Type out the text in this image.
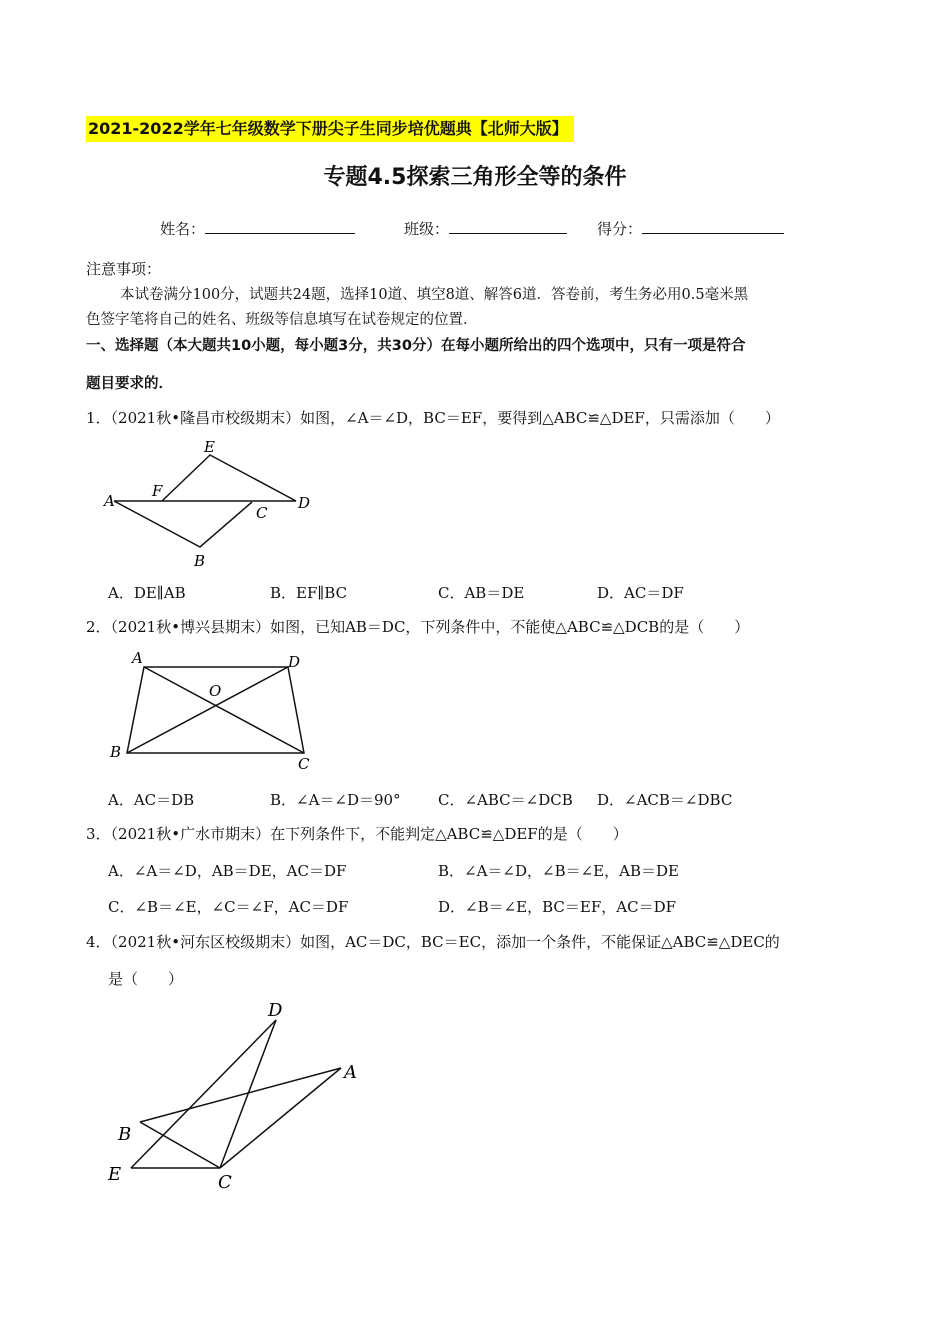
2021-2022学年七年级数学下册尖子生同步培优题典【北师大版】
专题4.5探索三角形全等的条件
姓名：	班级：	得分：
注意事项：
本试卷满分100分，试题共24题，选择10道、填空8道、解答6道．答卷前，考生务必用0.5毫米黑
色签字笔将自己的姓名、班级等信息填写在试卷规定的位置．
一、选择题（本大题共10小题，每小题3分，共30分）在每小题所给出的四个选项中，只有一项是符合
题目要求的．
1．（2021秋•隆昌市校级期末）如图，∠A＝∠D，BC＝EF，要得到△ABC≌△DEF，只需添加（　　）
E
F
A
C
D
B
A．DE∥AB	B．EF∥BC	C．AB＝DE	D．AC＝DF
2．（2021秋•博兴县期末）如图，已知AB＝DC，下列条件中，不能使△ABC≌△DCB的是（　　）
A	D
O
B
C
A．AC＝DB	B．∠A＝∠D＝90° C．∠ABC＝∠DCB D．∠ACB＝∠DBC
3．（2021秋•广水市期末）在下列条件下，不能判定△ABC≌△DEF的是（　　）
A．∠A＝∠D，AB＝DE，AC＝DF	B．∠A＝∠D，∠B＝∠E，AB＝DE
C．∠B＝∠E，∠C＝∠F，AC＝DF	D．∠B＝∠E，BC＝EF，AC＝DF
4．（2021秋•河东区校级期末）如图，AC＝DC，BC＝EC，添加一个条件，不能保证△ABC≌△DEC的
是（　　）
D
A
B
E	C
